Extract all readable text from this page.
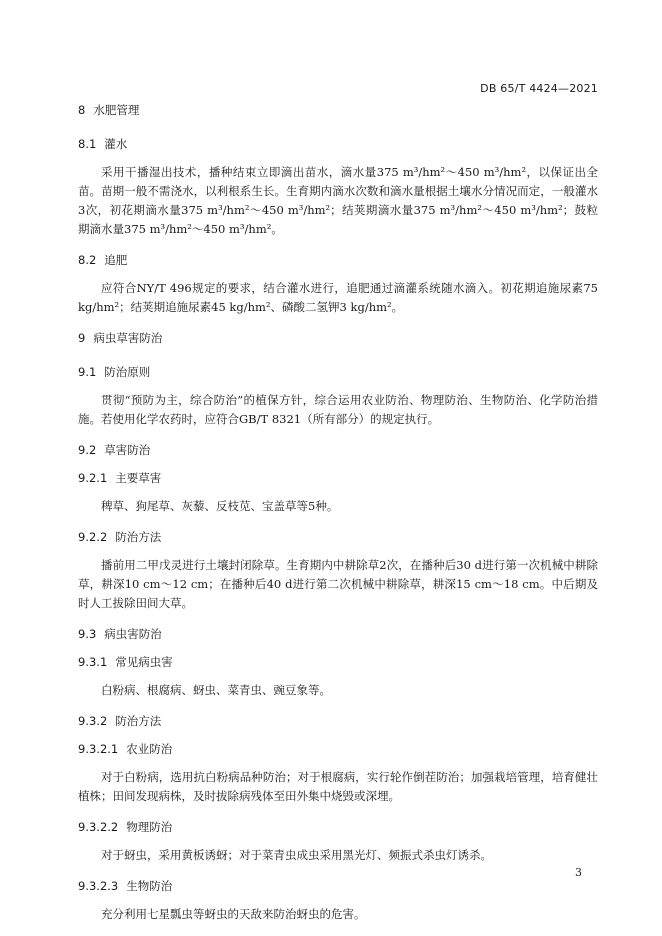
DB 65/T 4424—2021
8 水肥管理
8.1 灌水

采用干播湿出技术，播种结束立即滴出苗水，滴水量375 m³/hm²～450 m³/hm²，以保证出全苗。苗期一般不需浇水，以利根系生长。生育期内滴水次数和滴水量根据土壤水分情况而定，一般灌水3次，初花期滴水量375 m³/hm²～450 m³/hm²；结荚期滴水量375 m³/hm²～450 m³/hm²；鼓粒期滴水量375 m³/hm²～450 m³/hm²。

8.2 追肥

应符合NY/T 496规定的要求，结合灌水进行，追肥通过滴灌系统随水滴入。初花期追施尿素75 kg/hm²；结荚期追施尿素45 kg/hm²、磷酸二氢钾3 kg/hm²。

9 病虫草害防治
9.1 防治原则

贯彻“预防为主，综合防治”的植保方针，综合运用农业防治、物理防治、生物防治、化学防治措施。若使用化学农药时，应符合GB/T 8321（所有部分）的规定执行。

9.2 草害防治
9.2.1 主要草害

稗草、狗尾草、灰藜、反枝苋、宝盖草等5种。

9.2.2 防治方法

播前用二甲戊灵进行土壤封闭除草。生育期内中耕除草2次，在播种后30 d进行第一次机械中耕除草，耕深10 cm～12 cm；在播种后40 d进行第二次机械中耕除草，耕深15 cm～18 cm。中后期及时人工拔除田间大草。

9.3 病虫害防治
9.3.1 常见病虫害

白粉病、根腐病、蚜虫、菜青虫、豌豆象等。

9.3.2 防治方法
9.3.2.1 农业防治

对于白粉病，选用抗白粉病品种防治；对于根腐病，实行轮作倒茬防治；加强栽培管理，培育健壮植株；田间发现病株，及时拔除病残体至田外集中烧毁或深埋。

9.3.2.2 物理防治

对于蚜虫，采用黄板诱蚜；对于菜青虫成虫采用黑光灯、频振式杀虫灯诱杀。

9.3.2.3 生物防治

充分利用七星瓢虫等蚜虫的天敌来防治蚜虫的危害。

3
